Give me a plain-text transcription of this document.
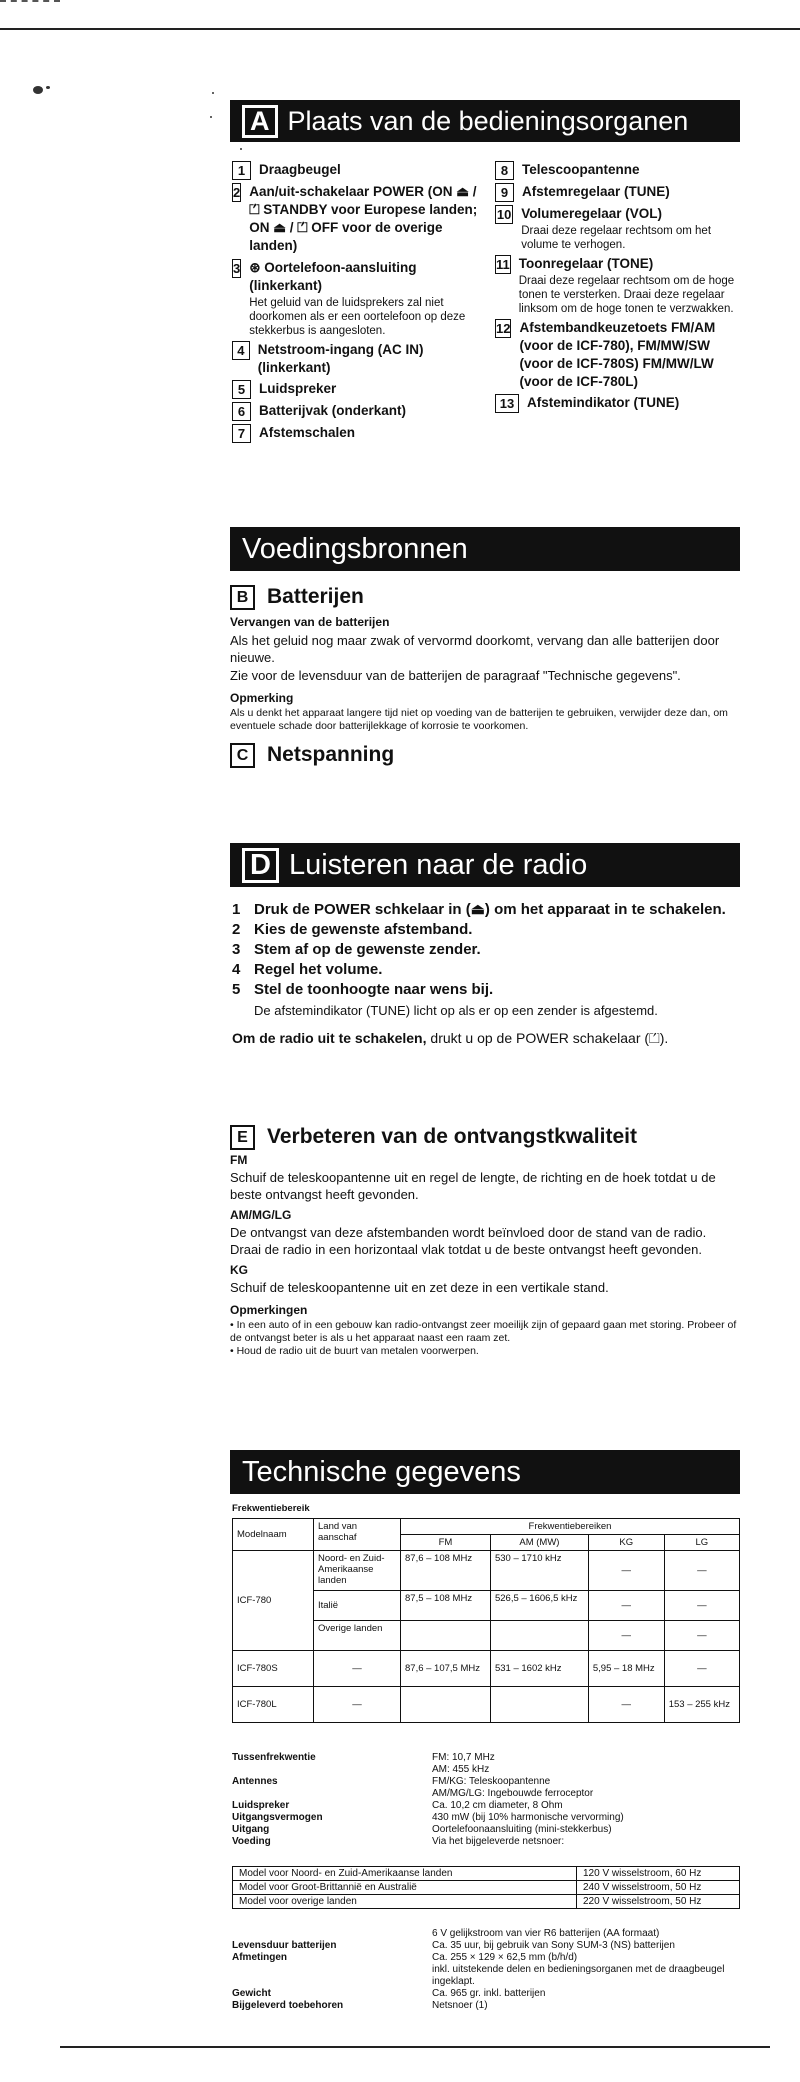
A Plaats van de bedieningsorganen
1	Draagbeugel
2 Aan/uit-schakelaar POWER (ON ⏏ / ⏍ STANDBY voor Europese landen; ON ⏏ / ⏍ OFF voor de overige landen)
3 ⊛ Oortelefoon-aansluiting (linkerkant)
Het geluid van de luidsprekers zal niet doorkomen als er een oortelefoon op deze stekkerbus is aangesloten.
4 Netstroom-ingang (AC IN) (linkerkant)
5	Luidspreker
6	Batterijvak (onderkant)
7	Afstemschalen
8	Telescoopantenne
9	Afstemregelaar (TUNE)
10 Volumeregelaar (VOL)
Draai deze regelaar rechtsom om het volume te verhogen.
11 Toonregelaar (TONE)
Draai deze regelaar rechtsom om de hoge tonen te versterken. Draai deze regelaar linksom om de hoge tonen te verzwakken.
12 Afstembandkeuzetoets FM/AM (voor de ICF-780), FM/MW/SW (voor de ICF-780S) FM/MW/LW (voor de ICF-780L)
13 Afstemindikator (TUNE)
Voedingsbronnen
B Batterijen
Vervangen van de batterijen
Als het geluid nog maar zwak of vervormd doorkomt, vervang dan alle batterijen door nieuwe.
Zie voor de levensduur van de batterijen de paragraaf "Technische gegevens".
Opmerking
Als u denkt het apparaat langere tijd niet op voeding van de batterijen te gebruiken, verwijder deze dan, om eventuele schade door batterijlekkage of korrosie te voorkomen.
C Netspanning
D Luisteren naar de radio
1 Druk de POWER schkelaar in (⏏) om het apparaat in te schakelen.
2 Kies de gewenste afstemband.
3 Stem af op de gewenste zender.
4 Regel het volume.
5 Stel de toonhoogte naar wens bij.
De afstemindikator (TUNE) licht op als er op een zender is afgestemd.
Om de radio uit te schakelen, drukt u op de POWER schakelaar (⏍).
E Verbeteren van de ontvangstkwaliteit
FM
Schuif de teleskoopantenne uit en regel de lengte, de richting en de hoek totdat u de beste ontvangst heeft gevonden.
AM/MG/LG
De ontvangst van deze afstembanden wordt beïnvloed door de stand van de radio. Draai de radio in een horizontaal vlak totdat u de beste ontvangst heeft gevonden.
KG
Schuif de teleskoopantenne uit en zet deze in een vertikale stand.
Opmerkingen
• In een auto of in een gebouw kan radio-ontvangst zeer moeilijk zijn of gepaard gaan met storing. Probeer of de ontvangst beter is als u het apparaat naast een raam zet.
• Houd de radio uit de buurt van metalen voorwerpen.
Technische gegevens
Frekwentiebereik
Modelnaam	Land van aanschaf	Frekwentiebereiken			
		FM	AM (MW)	KG	LG
ICF-780	Noord- en Zuid-Amerikaanse landen	87,6 – 108 MHz	530 – 1710 kHz	—	—
	Italië	87,5 – 108 MHz	526,5 – 1606,5 kHz	—	—
	Overige landen			—	—
ICF-780S	—	87,6 – 107,5 MHz	531 – 1602 kHz	5,95 – 18 MHz	—
ICF-780L	—			—	153 – 255 kHz
Tussenfrekwentie	FM: 10,7 MHz
	AM: 455 kHz
Antennes	FM/KG: Teleskoopantenne
	AM/MG/LG: Ingebouwde ferroceptor
Luidspreker	Ca. 10,2 cm diameter, 8 Ohm
Uitgangsvermogen	430 mW (bij 10% harmonische vervorming)
Uitgang	Oortelefoonaansluiting (mini-stekkerbus)
Voeding	Via het bijgeleverde netsnoer:
Model voor Noord- en Zuid-Amerikaanse landen	120 V wisselstroom, 60 Hz
Model voor Groot-Brittannië en Australië	240 V wisselstroom, 50 Hz
Model voor overige landen	220 V wisselstroom, 50 Hz
	6 V gelijkstroom van vier R6 batterijen (AA formaat)
Levensduur batterijen	Ca. 35 uur, bij gebruik van Sony SUM-3 (NS) batterijen
Afmetingen	Ca. 255 × 129 × 62,5 mm (b/h/d)
	inkl. uitstekende delen en bedieningsorganen met de draagbeugel ingeklapt.
Gewicht	Ca. 965 gr. inkl. batterijen
Bijgeleverd toebehoren	Netsnoer (1)
